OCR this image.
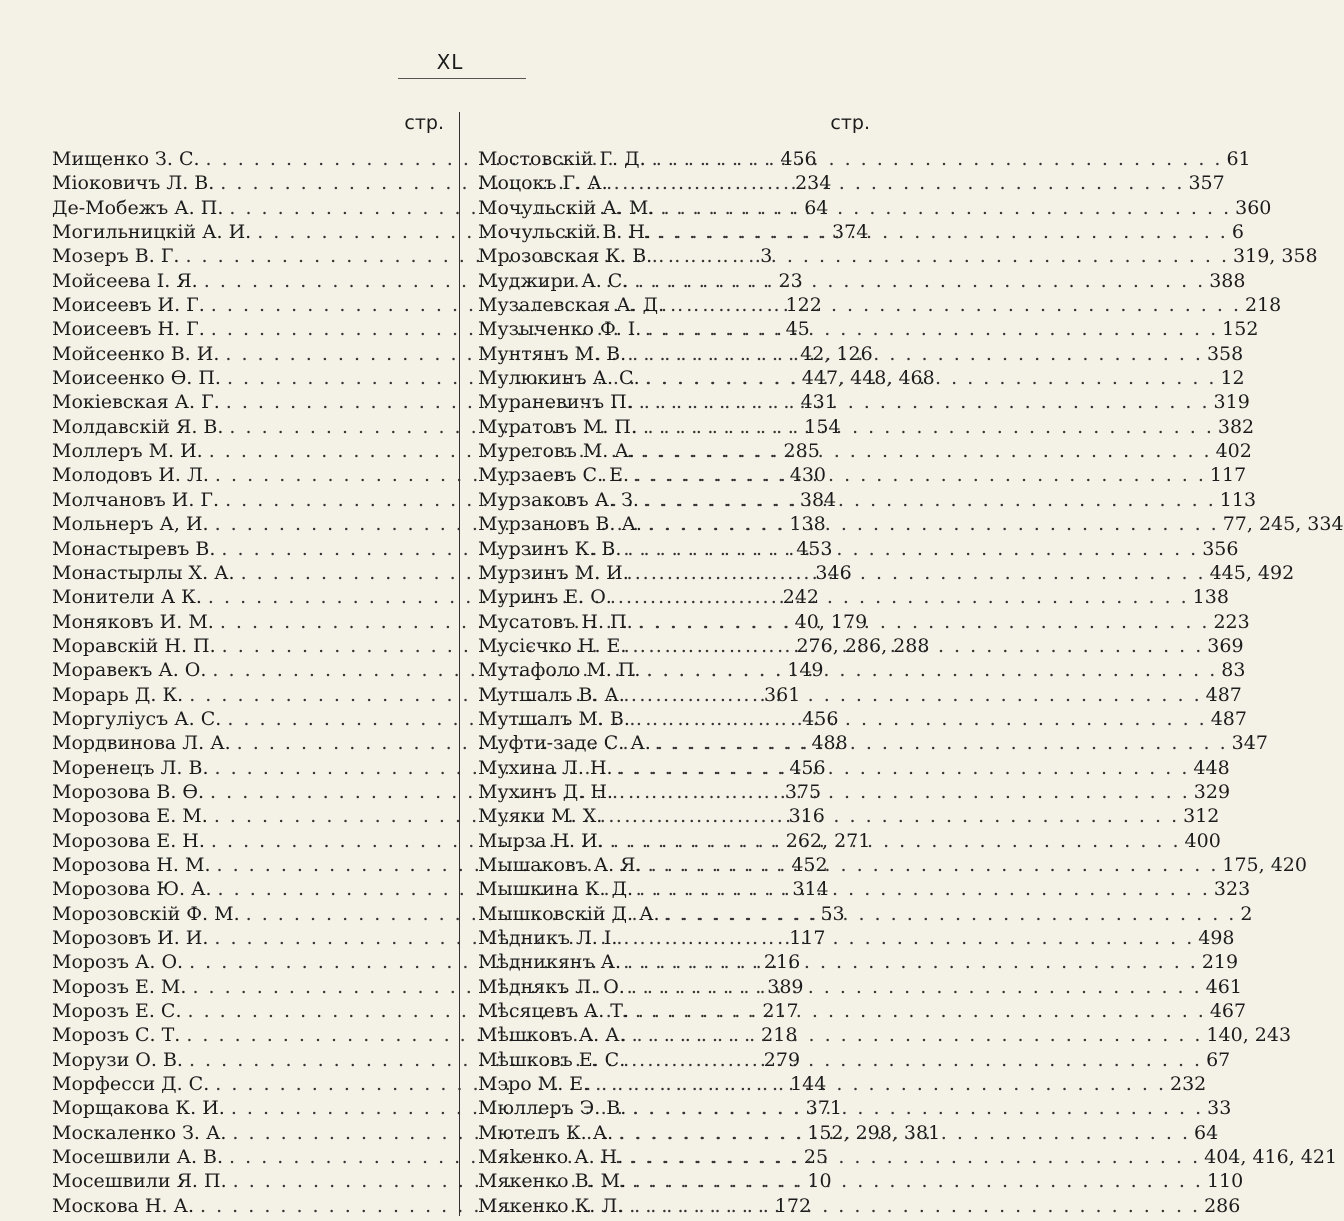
XL
стр.
Мищенко З. С. . . .	456
Міоковичъ Л. В. . . .	234
Де-Мобежъ А. П. . . .	64
Могильницкій А. И. . . .	374
Мозеръ В. Г. . . .	3
Мойсеева І. Я. . . .	23
Моисеевъ И. Г. . . .	122
Моисеевъ Н. Г. . . .	45
Мойсеенко В. И. . . .	42, 126
Моисеенко Ѳ. П. . . .	447, 448, 468
Мокіевская А. Г. . . .	431
Молдавскій Я. В. . . .	154
Моллеръ М. И. . . .	285
Молодовъ И. Л. . . .	430
Молчановъ И. Г. . . .	384
Мольнеръ А, И. . . .	138
Монастыревъ В. . . .	453
Монастырлы Х. А. . . .	346
Монители А К. . . .	242
Моняковъ И. М. . . .	40, 179
Моравскій Н. П. . . .	276, 286, 288
Моравекъ А. О. . . .	149
Морарь Д. К. . . .	361
Моргуліусъ А. С. . . .	456
Мордвинова Л. А. . . .	488
Моренецъ Л. В. . . .	456
Морозова В. Ѳ. . . .	375
Морозова Е. М. . . .	316
Морозова Е. Н. . . .	262, 271
Морозова Н. М. . . .	452
Морозова Ю. А. . . .	314
Морозовскій Ф. М. . . .	53
Морозовъ И. И. . . .	117
Морозъ А. О. . . .	216
Морозъ Е. М. . . .	389
Морозъ Е. С. . . .	217
Морозъ С. Т. . . .	218
Морузи О. В. . . .	279
Морфесси Д. С. . . .	144
Морщакова К. И. . . .	371
Москаленко З. А. . . .	152, 298, 381
Мосешвили А. В. . . .	25
Мосешвили Я. П. . . .	10
Москова Н. А. . . .	172
стр.
Мостовскій Г. Д. . . .	61
Моцокъ Г. А. . . .	357
Мочульскій А. М. . . .	360
Мочульскій В. Н. . . .	6
Мрозовская К. В. . . .	319, 358
Муджири А. С. . . .	388
Музалевская А. Д. . . .	218
Музыченко Ф. І. . . .	152
Мунтянъ М. В. . . .	358
Мулюкинъ А. С. . . .	12
Мураневичъ П. . . .	319
Муратовъ М. П. . . .	382
Муретовъ М. А. . . .	402
Мурзаевъ С. Е. . . .	117
Мурзаковъ А. З. . . .	113
Мурзановъ В. А. . . .	77, 245, 334
Мурзинъ К. В. . . .	356
Мурзинъ М. И. . . .	445, 492
Муринъ Е. О. . . .	138
Мусатовъ Н. П. . . .	223
Мусієчко Н. Е. . . .	369
Мутафоло М. П. . . .	83
Мутшалъ В. А. . . .	487
Мутшалъ М. В. . . .	487
Муфти-заде С. А. . . .	347
Мухина Л. Н. . . .	448
Мухинъ Д. Н. . . .	329
Муяки М. Х. . . .	312
Мырза Н. И. . . .	400
Мышаковъ А. Я. . . .	175, 420
Мышкина К. Д. . . .	323
Мышковскій Д. А. . . .	2
Мѣдникъ Л. І. . . .	498
Мѣдникянъ А. . . .	219
Мѣднякъ Л. О. . . .	461
Мѣсяцевъ А. Т. . . .	467
Мѣшковъ А. А. . . .	140, 243
Мѣшковъ Е. С. . . .	67
Мэро М. Е. . . .	232
Мюллеръ Э. В. . . .	33
Мютелъ К. А. . . .	64
Мяkенко А. Н. . . .	404, 416, 421
Мякенко В. М. . . .	110
Мякенко К. Л. . . .	286
